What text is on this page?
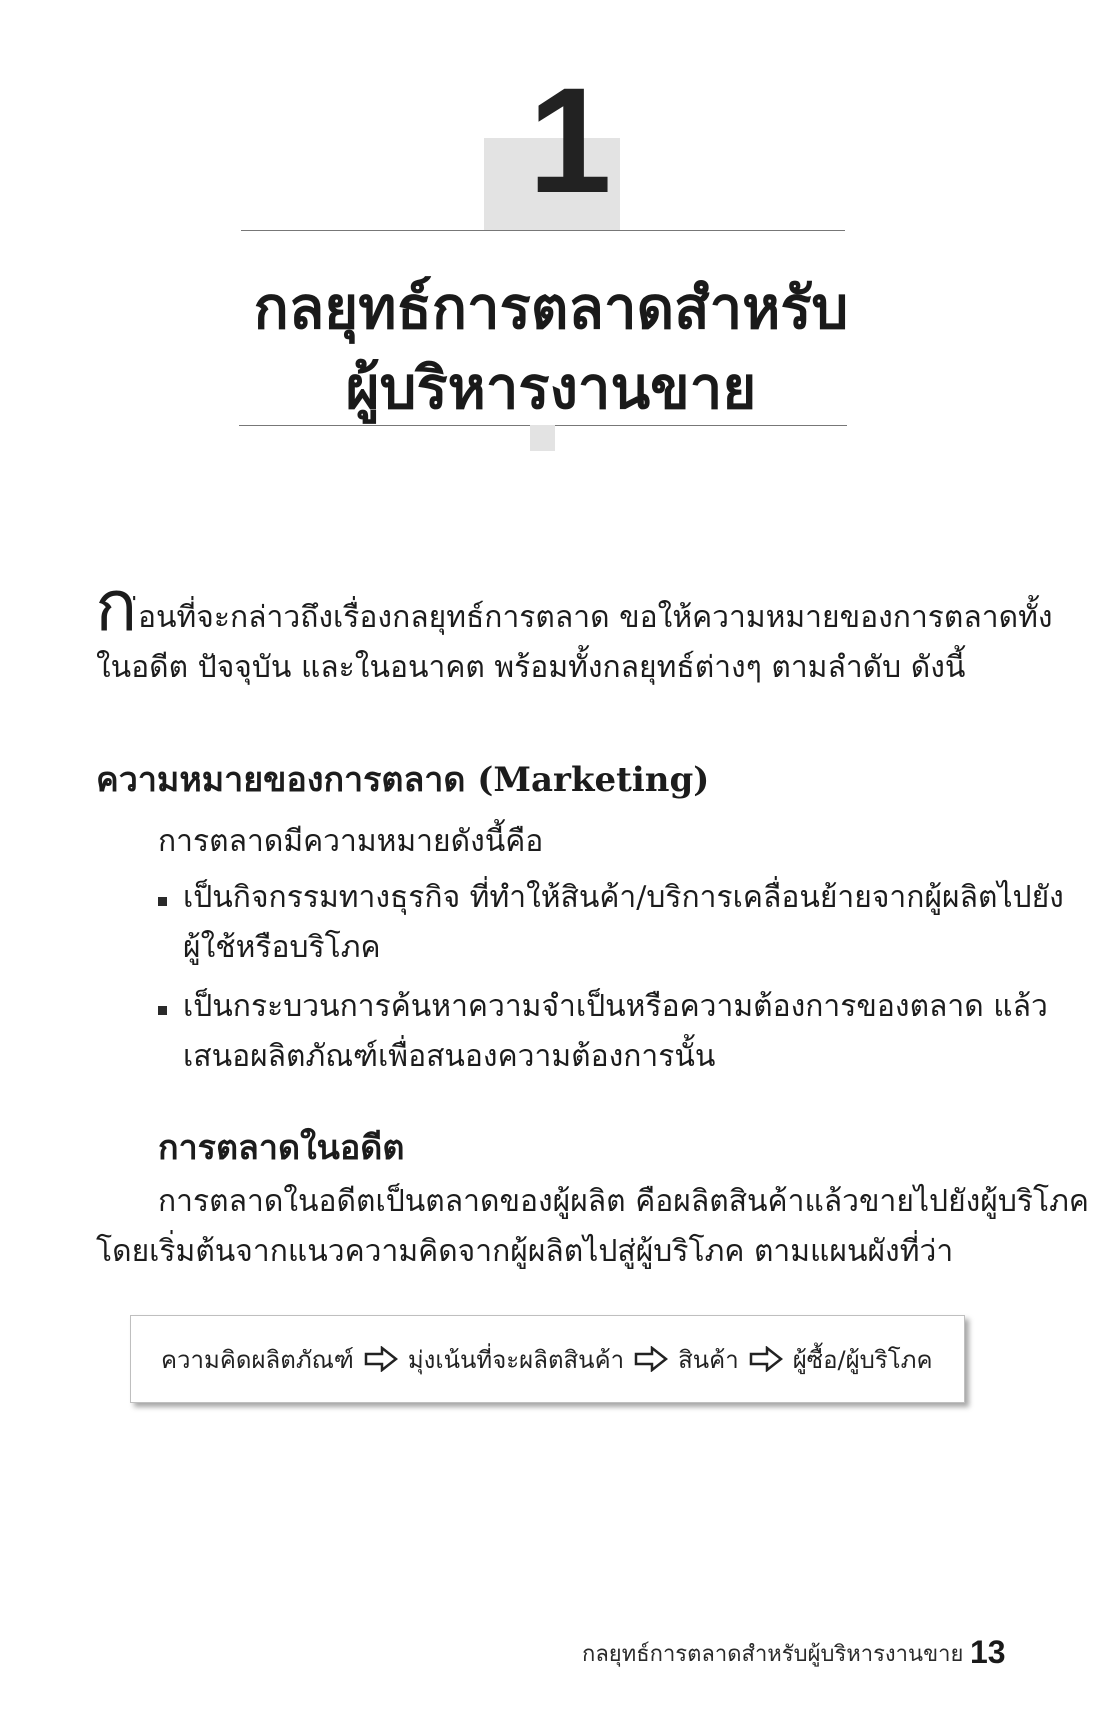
1
กลยุทธ์การตลาดสำหรับ
ผู้บริหารงานขาย
ก ่อนที่จะกล่าวถึงเรื่องกลยุทธ์การตลาด ขอให้ความหมายของการตลาดทั้ง
ในอดีต ปัจจุบัน และในอนาคต พร้อมทั้งกลยุทธ์ต่างๆ ตามลำดับ ดังนี้
ความหมายของการตลาด (Marketing)
การตลาดมีความหมายดังนี้คือ
เป็นกิจกรรมทางธุรกิจ ที่ทำให้สินค้า/บริการเคลื่อนย้ายจากผู้ผลิตไปยัง
ผู้ใช้หรือบริโภค
เป็นกระบวนการค้นหาความจำเป็นหรือความต้องการของตลาด แล้ว
เสนอผลิตภัณฑ์เพื่อสนองความต้องการนั้น
การตลาดในอดีต
การตลาดในอดีตเป็นตลาดของผู้ผลิต คือผลิตสินค้าแล้วขายไปยังผู้บริโภค
โดยเริ่มต้นจากแนวความคิดจากผู้ผลิตไปสู่ผู้บริโภค ตามแผนผังที่ว่า
ความคิดผลิตภัณฑ์ มุ่งเน้นที่จะผลิตสินค้า สินค้า ผู้ซื้อ/ผู้บริโภค
กลยุทธ์การตลาดสำหรับผู้บริหารงานขาย 13
